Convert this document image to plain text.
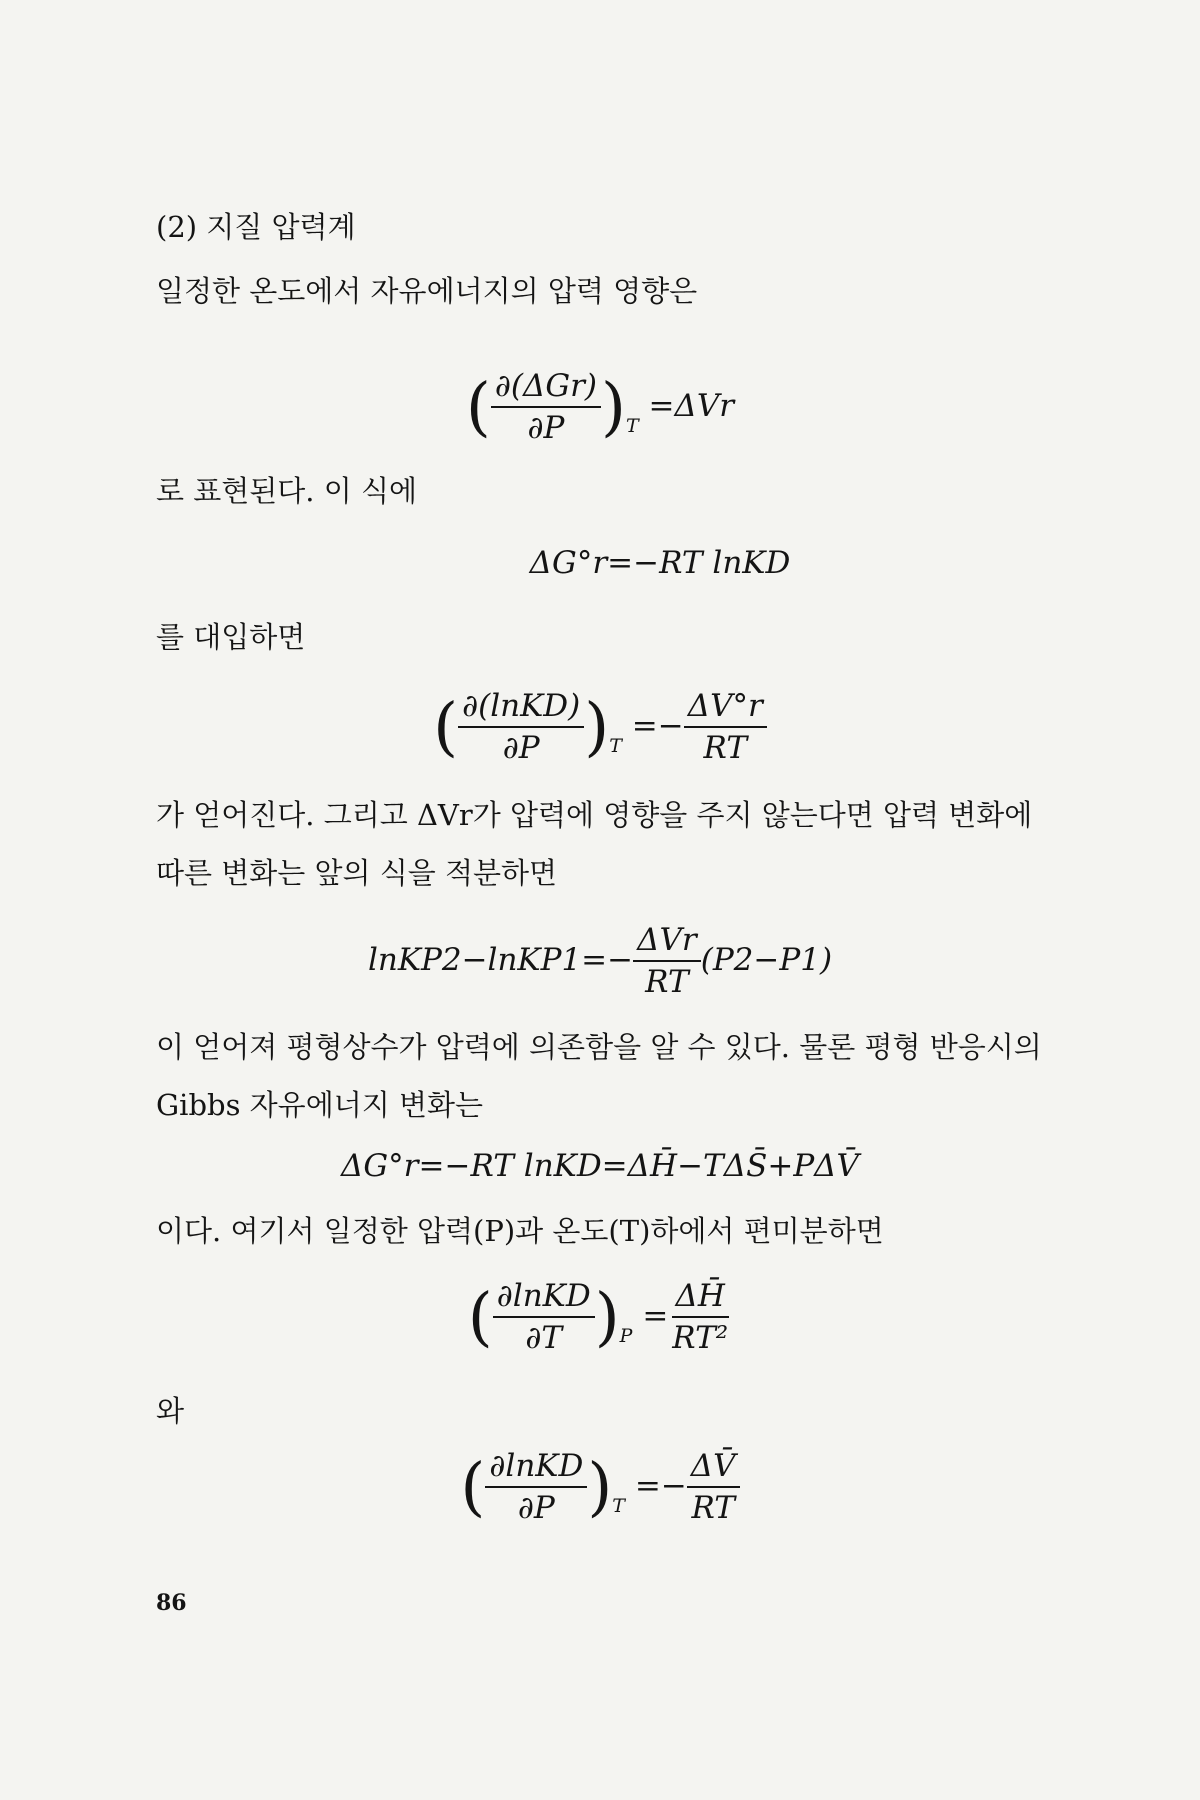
(2) 지질 압력계

일정한 온도에서 자유에너지의 압력 영향은

( $\frac{\text{∂(ΔGr)}}{\partial P} )_T =\Delta Vr$

로 표현된다. 이 식에

ΔG°r=−RT lnKD

를 대입하면

( $\frac{\text{∂(lnKD)}}{\partial P} )_T =- \frac{\Delta V^\circ r}{RT}$

가 얻어진다. 그리고 ΔVr가 압력에 영향을 주지 않는다면 압력 변화에 따른 변화는 앞의 식을 적분하면

lnKP2−lnKP1=− $\frac{\text{ΔVr}}{RT} (P2-P1)$

이 얻어져 평형상수가 압력에 의존함을 알 수 있다. 물론 평형 반응시의 Gibbs 자유에너지 변화는

ΔG°r=−RT lnKD=ΔH̄−TΔS̄+PΔV̄

이다. 여기서 일정한 압력(P)과 온도(T)하에서 편미분하면

( $\frac{\text{∂lnKD}}{\partial T} )_P = \frac{\Delta H̄}{\text{RT²}}$

와

( $\frac{\text{∂lnKD}}{\partial P} )_T =- \frac{\Delta V̄}{RT}$
86
